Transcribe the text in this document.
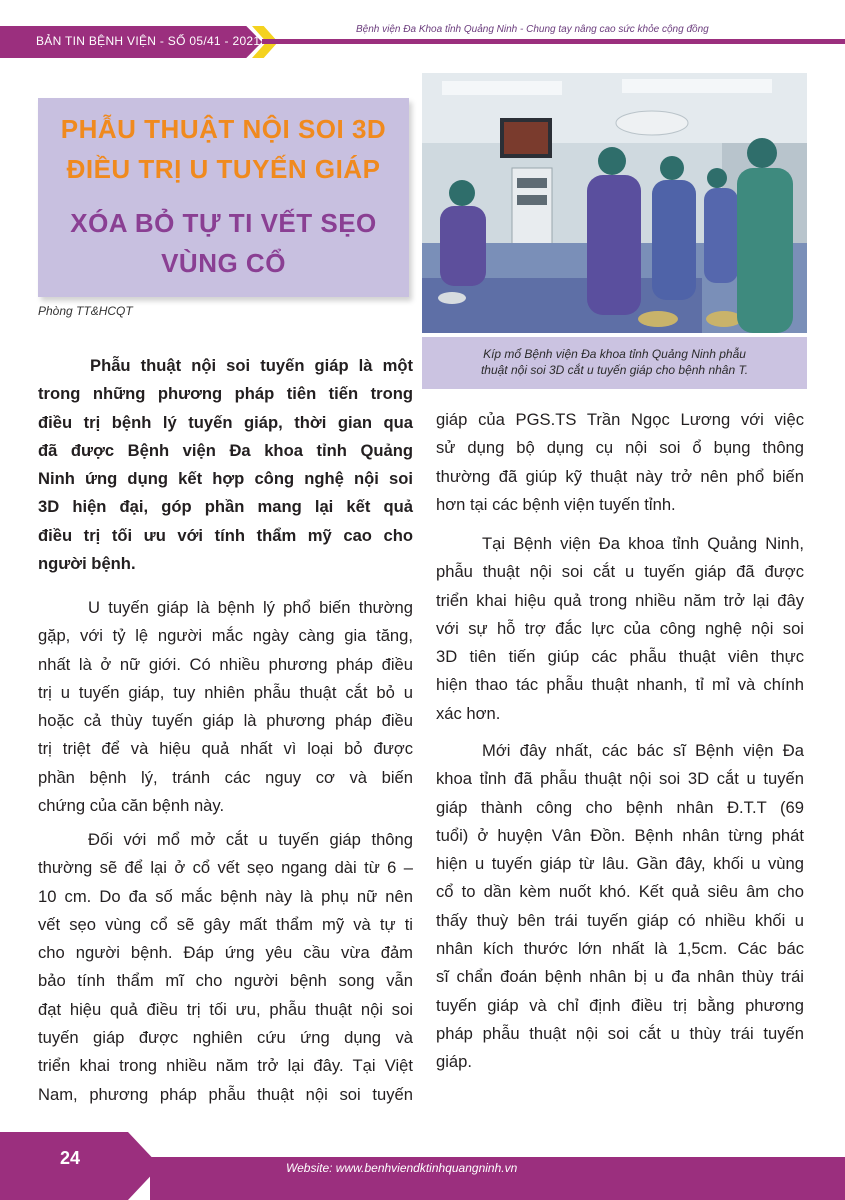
BẢN TIN BỆNH VIỆN - SỐ 05/41 - 2021
Bệnh viện Đa Khoa tỉnh Quảng Ninh - Chung tay nâng cao sức khỏe cộng đồng
PHẪU THUẬT NỘI SOI 3D
ĐIỀU TRỊ U TUYẾN GIÁP
XÓA BỎ TỰ TI VẾT SẸO
VÙNG CỔ
Phòng TT&HCQT
Kíp mổ Bệnh viện Đa khoa tỉnh Quảng Ninh phẫu
thuật nội soi 3D cắt u tuyến giáp cho bệnh nhân T.
Phẫu thuật nội soi tuyến giáp là một
trong những phương pháp tiên tiến trong
điều trị bệnh lý tuyến giáp, thời gian qua
đã được Bệnh viện Đa khoa tỉnh Quảng
Ninh ứng dụng kết hợp công nghệ nội soi
3D hiện đại, góp phần mang lại kết quả
điều trị tối ưu với tính thẩm mỹ cao cho
người bệnh.
U tuyến giáp là bệnh lý phổ biến thường
gặp, với tỷ lệ người mắc ngày càng gia tăng,
nhất là ở nữ giới. Có nhiều phương pháp điều
trị u tuyến giáp, tuy nhiên phẫu thuật cắt bỏ u
hoặc cả thùy tuyến giáp là phương pháp điều
trị triệt để và hiệu quả nhất vì loại bỏ được
phần bệnh lý, tránh các nguy cơ và biến
chứng của căn bệnh này.
Đối với mổ mở cắt u tuyến giáp thông
thường sẽ để lại ở cổ vết sẹo ngang dài từ 6 –
10 cm. Do đa số mắc bệnh này là phụ nữ nên
vết sẹo vùng cổ sẽ gây mất thẩm mỹ và tự ti
cho người bệnh. Đáp ứng yêu cầu vừa đảm
bảo tính thẩm mĩ cho người bệnh song vẫn
đạt hiệu quả điều trị tối ưu, phẫu thuật nội soi
tuyến giáp được nghiên cứu ứng dụng và
triển khai trong nhiều năm trở lại đây. Tại Việt
Nam, phương pháp phẫu thuật nội soi tuyến
giáp của PGS.TS Trần Ngọc Lương với việc
sử dụng bộ dụng cụ nội soi ổ bụng thông
thường đã giúp kỹ thuật này trở nên phổ biến
hơn tại các bệnh viện tuyến tỉnh.
Tại Bệnh viện Đa khoa tỉnh Quảng Ninh,
phẫu thuật nội soi cắt u tuyến giáp đã được
triển khai hiệu quả trong nhiều năm trở lại đây
với sự hỗ trợ đắc lực của công nghệ nội soi
3D tiên tiến giúp các phẫu thuật viên thực
hiện thao tác phẫu thuật nhanh, tỉ mỉ và chính
xác hơn.
Mới đây nhất, các bác sĩ Bệnh viện Đa
khoa tỉnh đã phẫu thuật nội soi 3D cắt u tuyến
giáp thành công cho bệnh nhân Đ.T.T (69
tuổi) ở huyện Vân Đồn. Bệnh nhân từng phát
hiện u tuyến giáp từ lâu. Gần đây, khối u vùng
cổ to dần kèm nuốt khó. Kết quả siêu âm cho
thấy thuỳ bên trái tuyến giáp có nhiều khối u
nhân kích thước lớn nhất là 1,5cm. Các bác
sĩ chẩn đoán bệnh nhân bị u đa nhân thùy trái
tuyến giáp và chỉ định điều trị bằng phương
pháp phẫu thuật nội soi cắt u thùy trái tuyến
giáp.
24	Website: www.benhviendktinhquangninh.vn
